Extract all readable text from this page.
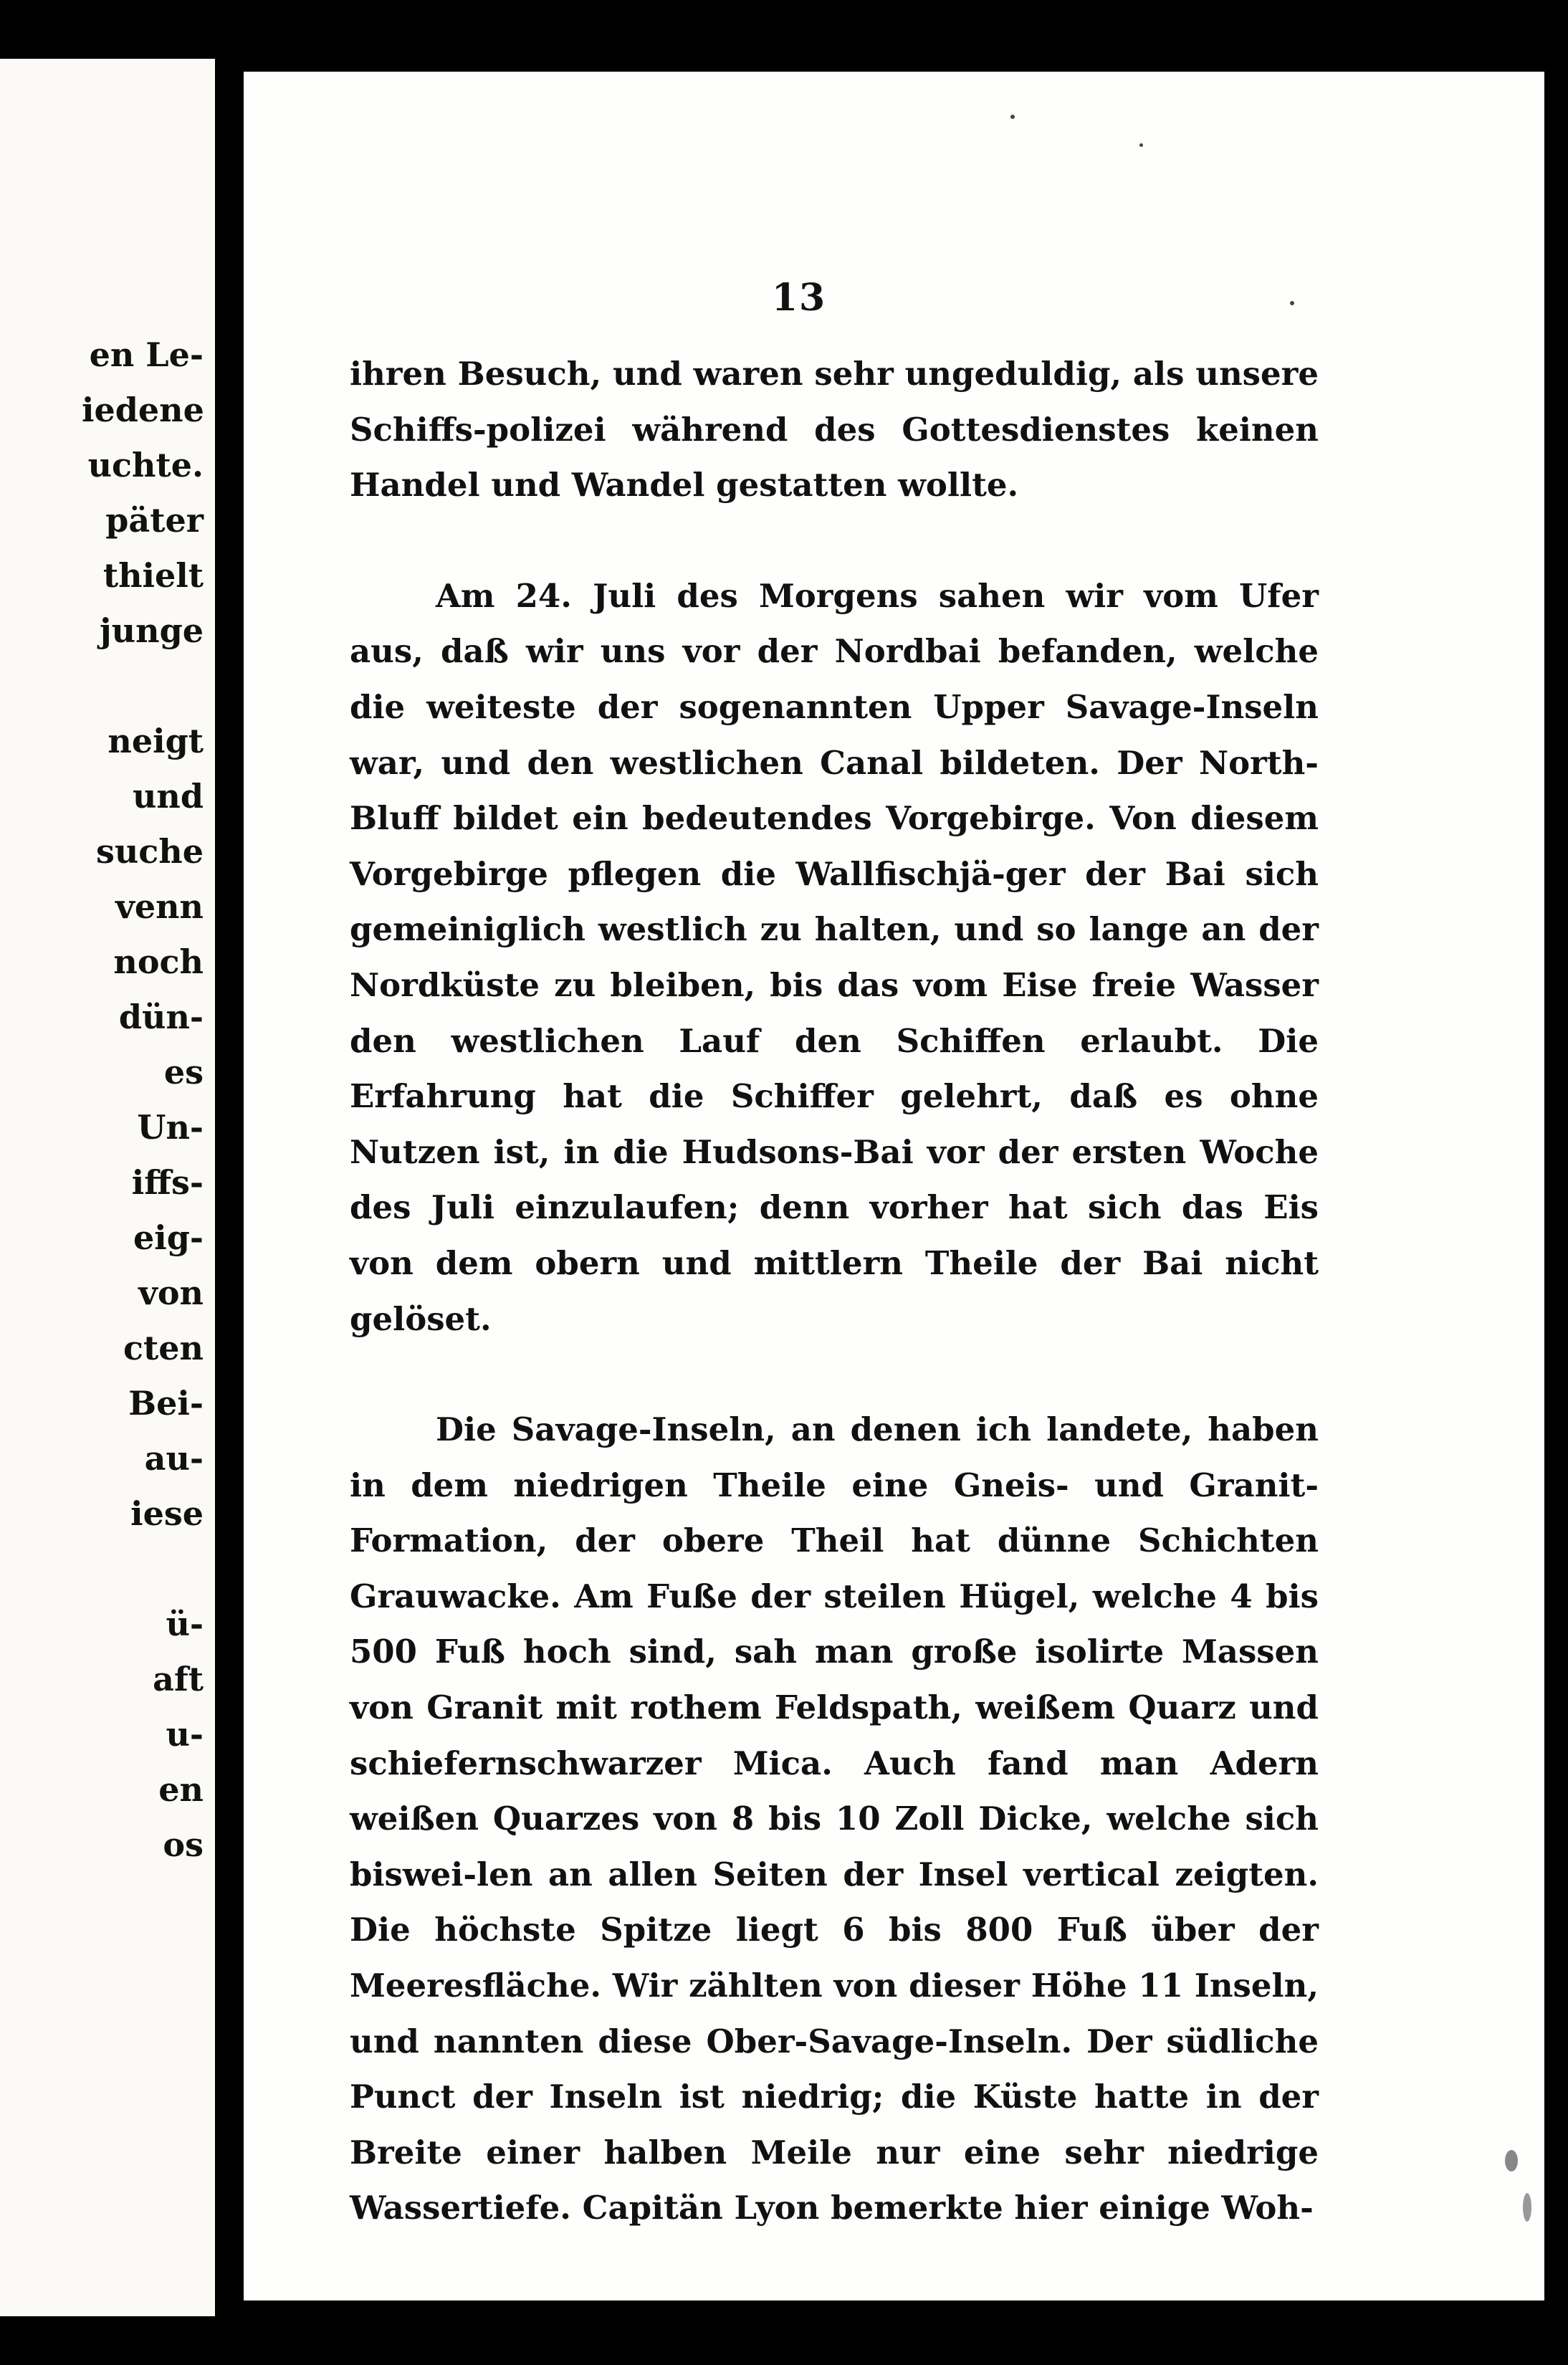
en Le-
iedene
uchte.
päter
thielt
junge
neigt
und
suche
venn
noch
dün-
es
Un-
iffs-
eig-
von
cten
Bei-
au-
iese
ü-
aft
u-
en
os
13

ihren Besuch, und waren sehr ungeduldig, als unsere Schiffs-polizei während des Gottesdienstes keinen Handel und Wandel gestatten wollte.

Am 24. Juli des Morgens sahen wir vom Ufer aus, daß wir uns vor der Nordbai befanden, welche die weiteste der sogenannten Upper Savage-Inseln war, und den westlichen Canal bildeten. Der North-Bluff bildet ein bedeutendes Vorgebirge. Von diesem Vorgebirge pflegen die Wallfischjä-ger der Bai sich gemeiniglich westlich zu halten, und so lange an der Nordküste zu bleiben, bis das vom Eise freie Wasser den westlichen Lauf den Schiffen erlaubt. Die Erfahrung hat die Schiffer gelehrt, daß es ohne Nutzen ist, in die Hudsons-Bai vor der ersten Woche des Juli einzulaufen; denn vorher hat sich das Eis von dem obern und mittlern Theile der Bai nicht gelöset.

Die Savage-Inseln, an denen ich landete, haben in dem niedrigen Theile eine Gneis- und Granit-Formation, der obere Theil hat dünne Schichten Grauwacke. Am Fuße der steilen Hügel, welche 4 bis 500 Fuß hoch sind, sah man große isolirte Massen von Granit mit rothem Feldspath, weißem Quarz und schiefernschwarzer Mica. Auch fand man Adern weißen Quarzes von 8 bis 10 Zoll Dicke, welche sich biswei-len an allen Seiten der Insel vertical zeigten. Die höchste Spitze liegt 6 bis 800 Fuß über der Meeresfläche. Wir zählten von dieser Höhe 11 Inseln, und nannten diese Ober-Savage-Inseln. Der südliche Punct der Inseln ist niedrig; die Küste hatte in der Breite einer halben Meile nur eine sehr niedrige Wassertiefe. Capitän Lyon bemerkte hier einige Woh-
